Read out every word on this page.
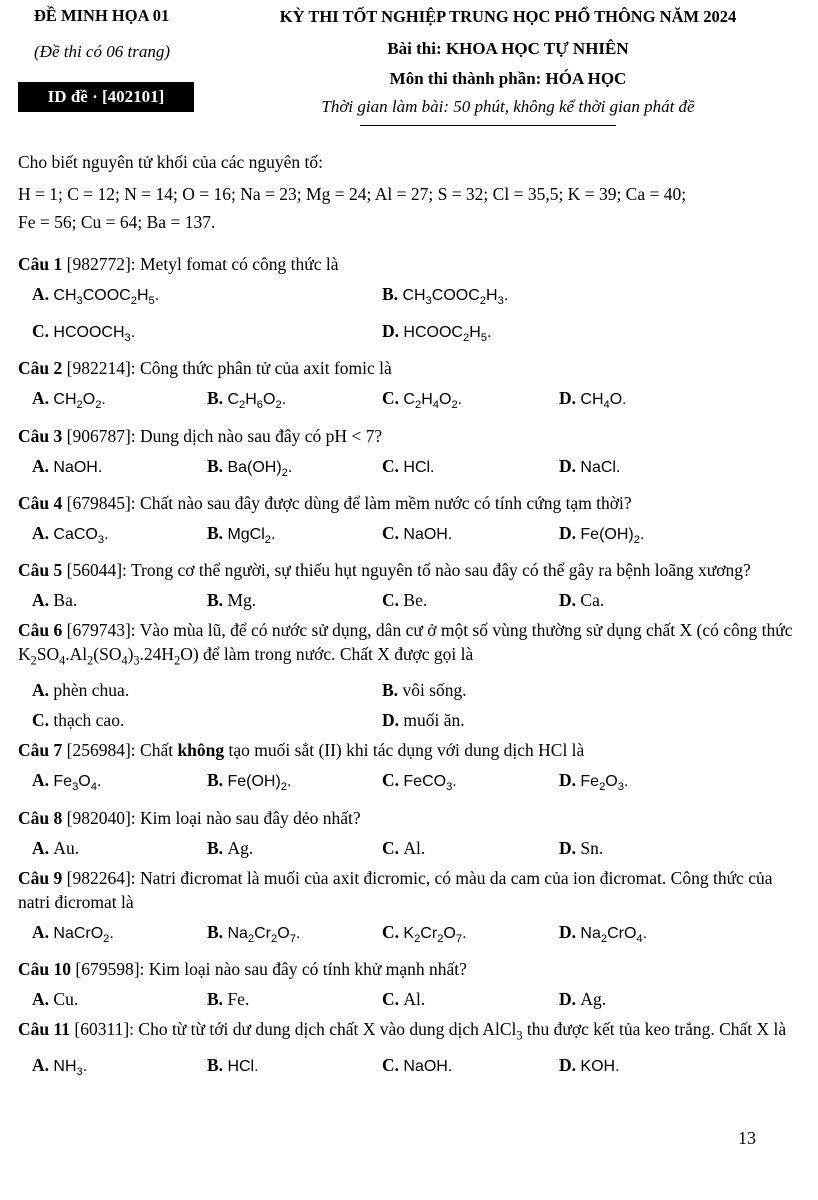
ĐỀ MINH HỌA 01
(Đề thi có 06 trang)
ID đề · [402101]
KỲ THI TỐT NGHIỆP TRUNG HỌC PHỔ THÔNG NĂM 2024
Bài thi: KHOA HỌC TỰ NHIÊN
Môn thi thành phần: HÓA HỌC
Thời gian làm bài: 50 phút, không kể thời gian phát đề

Cho biết nguyên tử khối của các nguyên tố:

H = 1; C = 12; N = 14; O = 16; Na = 23; Mg = 24; Al = 27; S = 32; Cl = 35,5; K = 39; Ca = 40;

Fe = 56; Cu = 64; Ba = 137.

Câu 1 [982772]: Metyl fomat có công thức là

A. $CH_3COOC_2H_5$.	B. $CH_3COOC_2H_3$.
C. $HCOOCH_3$.	D. $HCOOC_2H_5$.

Câu 2 [982214]: Công thức phân tử của axit fomic là

A. $CH_2O_2$.	B. $C_2H_6O_2$.	C. $C_2H_4O_2$.	D. $CH_4O$.

Câu 3 [906787]: Dung dịch nào sau đây có pH < 7?

A. NaOH.	B. $Ba(OH)_2$.	C. HCl.	D. NaCl.

Câu 4 [679845]: Chất nào sau đây được dùng để làm mềm nước có tính cứng tạm thời?

A. CaCO$_3$.	B. MgCl$_2$.	C. NaOH.	D. $Fe(OH)_2$.

Câu 5 [56044]: Trong cơ thể người, sự thiếu hụt nguyên tố nào sau đây có thể gây ra bệnh loãng xương?

A. Ba.	B. Mg.	C. Be.	D. Ca.

Câu 6 [679743]: Vào mùa lũ, để có nước sử dụng, dân cư ở một số vùng thường sử dụng chất X (có công thức $K_2SO_4.Al_2(SO_4)_3.24H_2O$) để làm trong nước. Chất X được gọi là

A. phèn chua.	B. vôi sống.
C. thạch cao.	D. muối ăn.

Câu 7 [256984]: Chất không tạo muối sắt (II) khi tác dụng với dung dịch HCl là

A. $Fe_3O_4$.	B. $Fe(OH)_2$.	C. FeCO$_3$.	D. $Fe_2O_3$.

Câu 8 [982040]: Kim loại nào sau đây dẻo nhất?

A. Au.	B. Ag.	C. Al.	D. Sn.

Câu 9 [982264]: Natri đicromat là muối của axit đicromic, có màu da cam của ion đicromat. Công thức của natri đicromat là

A. NaCrO$_2$.	B. $Na_2Cr_2O_7$.	C. $K_2Cr_2O_7$.	D. $Na_2CrO_4$.

Câu 10 [679598]: Kim loại nào sau đây có tính khử mạnh nhất?

A. Cu.	B. Fe.	C. Al.	D. Ag.

Câu 11 [60311]: Cho từ từ tới dư dung dịch chất X vào dung dịch AlCl$_3$ thu được kết tủa keo trắng. Chất X là

A. $NH_3$.	B. HCl.	C. NaOH.	D. KOH.
13
